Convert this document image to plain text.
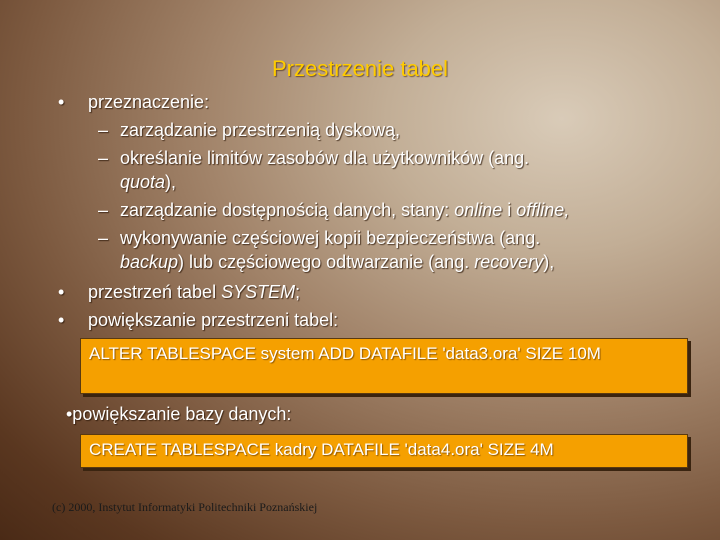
Przestrzenie tabel
• przeznaczenie:
– zarządzanie przestrzenią dyskową,
– określanie limitów zasobów dla użytkowników (ang.
quota),
– zarządzanie dostępnością danych, stany: online i offline,
– wykonywanie częściowej kopii bezpieczeństwa (ang.
backup) lub częściowego odtwarzanie (ang. recovery),
• przestrzeń tabel SYSTEM;
• powiększanie przestrzeni tabel:
ALTER TABLESPACE system ADD DATAFILE 'data3.ora' SIZE 10M
•powiększanie bazy danych:
CREATE TABLESPACE kadry DATAFILE 'data4.ora' SIZE 4M
(c) 2000, Instytut Informatyki Politechniki Poznańskiej
